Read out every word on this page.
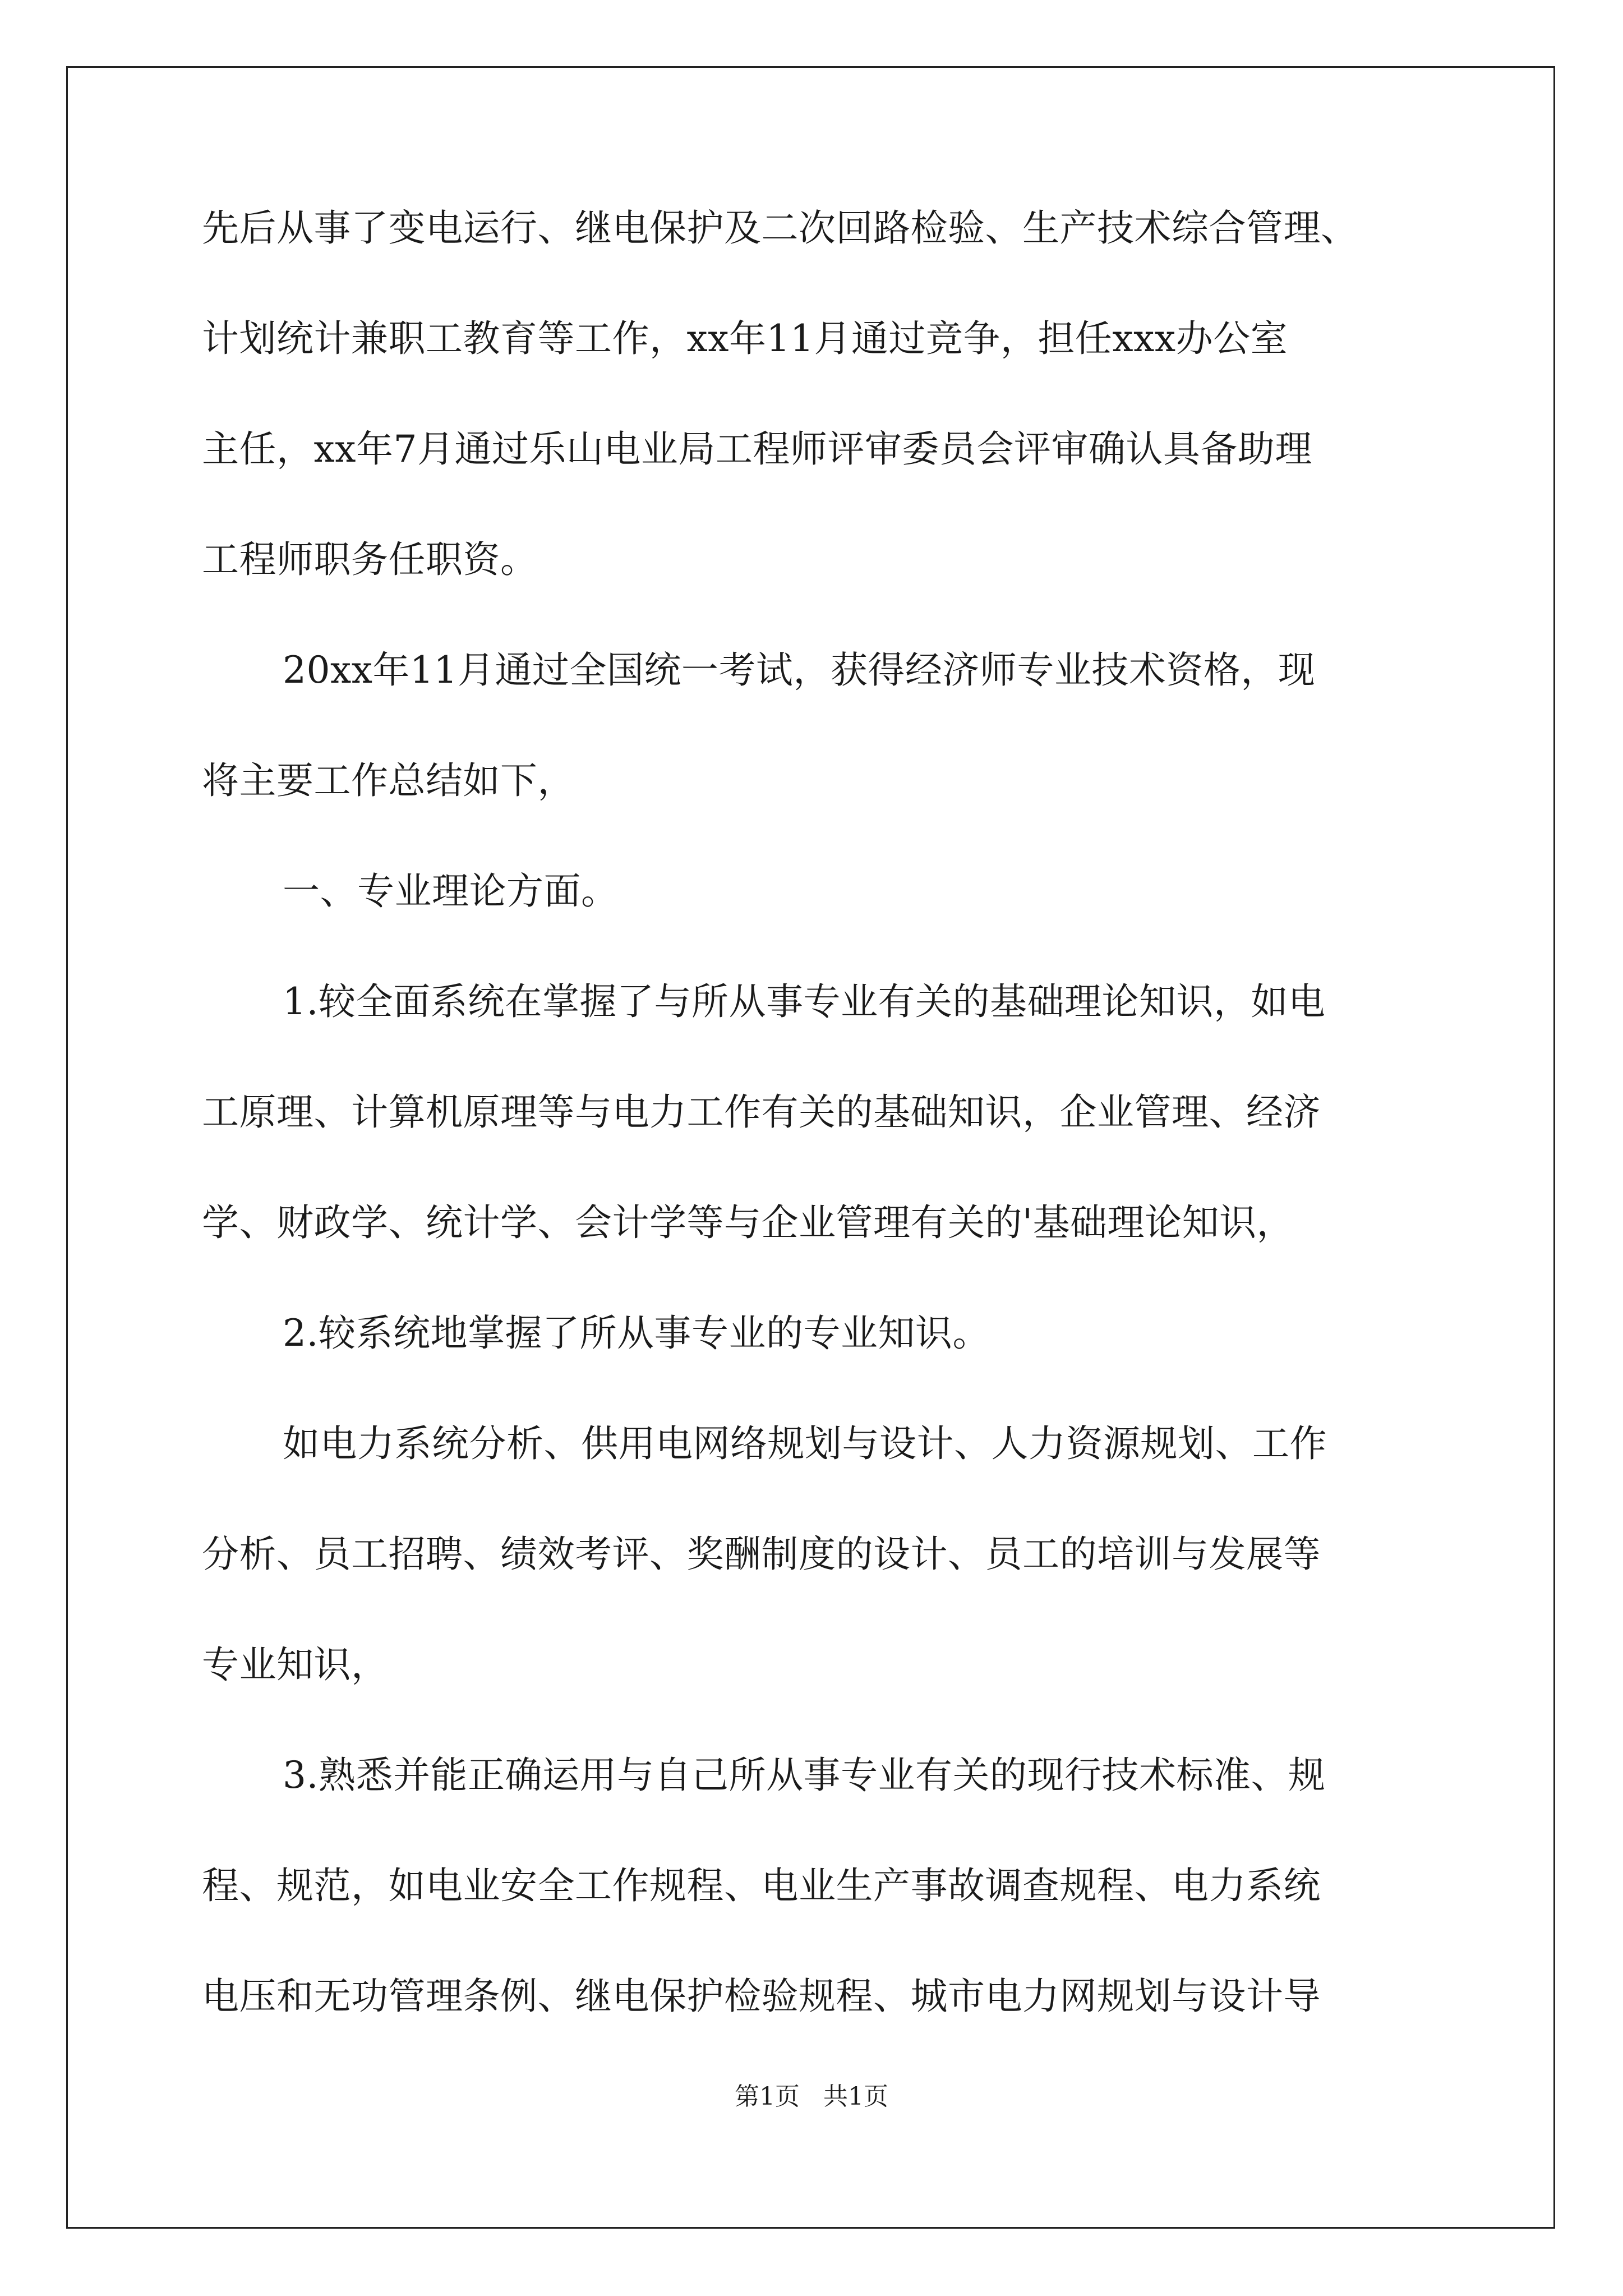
先后从事了变电运行、继电保护及二次回路检验、生产技术综合管理、
计划统计兼职工教育等工作，xx年11月通过竞争，担任xxx办公室
主任，xx年7月通过乐山电业局工程师评审委员会评审确认具备助理
工程师职务任职资。
20xx年11月通过全国统一考试，获得经济师专业技术资格，现
将主要工作总结如下，
一、专业理论方面。
1.较全面系统在掌握了与所从事专业有关的基础理论知识，如电
工原理、计算机原理等与电力工作有关的基础知识，企业管理、经济
学、财政学、统计学、会计学等与企业管理有关的'基础理论知识，
2.较系统地掌握了所从事专业的专业知识。
如电力系统分析、供用电网络规划与设计、人力资源规划、工作
分析、员工招聘、绩效考评、奖酬制度的设计、员工的培训与发展等
专业知识，
3.熟悉并能正确运用与自己所从事专业有关的现行技术标准、规
程、规范，如电业安全工作规程、电业生产事故调查规程、电力系统
电压和无功管理条例、继电保护检验规程、城市电力网规划与设计导
第1页 共1页
